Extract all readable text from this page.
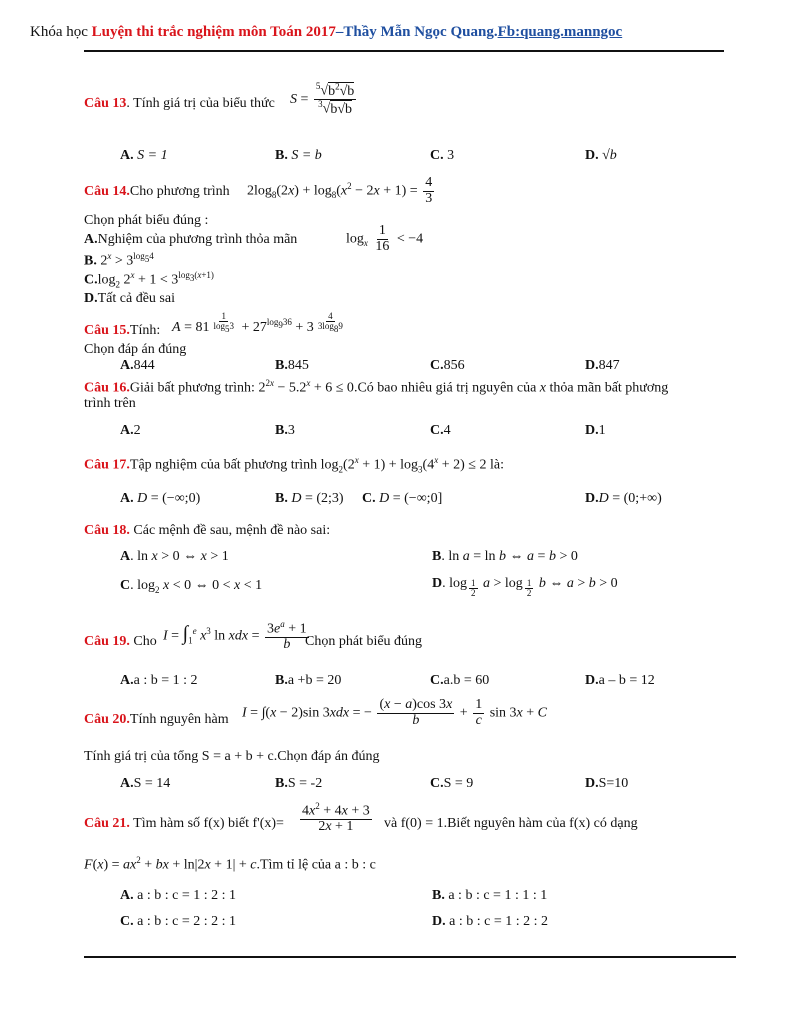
Khóa học Luyện thi trắc nghiệm môn Toán 2017–Thầy Mẫn Ngọc Quang.Fb:quang.manngoc
Câu 13. Tính giá trị của biểu thức $S = \frac{^5√b^2√b}{^3√b√b}$
A. S = 1	B. S = b	C. 3	D. √b
Câu 14.Cho phương trình $2\log_8(2x) + \log_8(x^2 - 2x + 1) = \frac{4}{3}$
Chọn phát biểu đúng :
A.Nghiệm của phương trình thỏa mãn	$\log_x \frac{1}{16} < -4$
B. $2^x > 3^{log_54}$
$C.\log_2$ $2^x + 1 < 3^{log_3(x+1)}$
D.Tất cả đều sai
Câu 15.Tính: A = 81 $^{\frac{1}{\log_53}} + 27^{log_936} + 3$ $^{\frac{4}{3\log_89}}$
Chọn đáp án đúng
A.844	B.845	C.856	D.847
Câu 16.Giải bất phương trình: $2^{2x} - 5.2^x + 6$ ≤ 0.Có bao nhiêu giá trị nguyên của x thỏa mãn bất phương
trình trên
A.2	B.3	C.4	D.1
Câu 17.Tập nghiệm của bất phương trình $\log_2(2^x + 1) + \log_3(4^x + 2) \le 2$ là:
A. D = (−∞;0)	B. D = (2;3) C. D = (−∞;0]	D.D = (0;+∞)
Câu 18. Các mệnh đề sau, mệnh đề nào sai:
A. ln x > 0 ⇔ x > 1	B. ln a = ln b ⇔ a = b > 0
C. $\log_2 x < 0$ ⇔ 0 < x < 1	D. log $_{\frac{1}{2}}$ a > log $_{\frac{1}{2}}$ b ⇔ a > b > 0
Câu 19. Cho $I = \int_1^e$ $x^3$ ln xdx = $\frac{3e^a + 1}{b}$
Chọn phát biểu đúng
A.a : b = 1 : 2	B.a +b = 20	C.a.b = 60	D.a – b = 12
Câu 20.Tính nguyên hàm I = ∫(x − 2)sin 3xdx = − $\frac{(x - a)\cos 3x}{b} + \frac{1}{c}$ sin 3x + C
Tính giá trị của tổng S = a + b + c.Chọn đáp án đúng
A.S = 14	B.S = -2	C.S = 9	D.S=10
Câu 21. Tìm hàm số f(x) biết $f'(x)= \frac{4x^2 + 4x + 3}{2x + 1}$ và f(0) = 1.Biết nguyên hàm của f(x) có dạng
$F(x) = ax^2$ + bx + ln|2x + 1| + c.Tìm tỉ lệ của a : b : c
A. a : b : c = 1 : 2 : 1	B. a : b : c = 1 : 1 : 1
C. a : b : c = 2 : 2 : 1	D. a : b : c = 1 : 2 : 2
